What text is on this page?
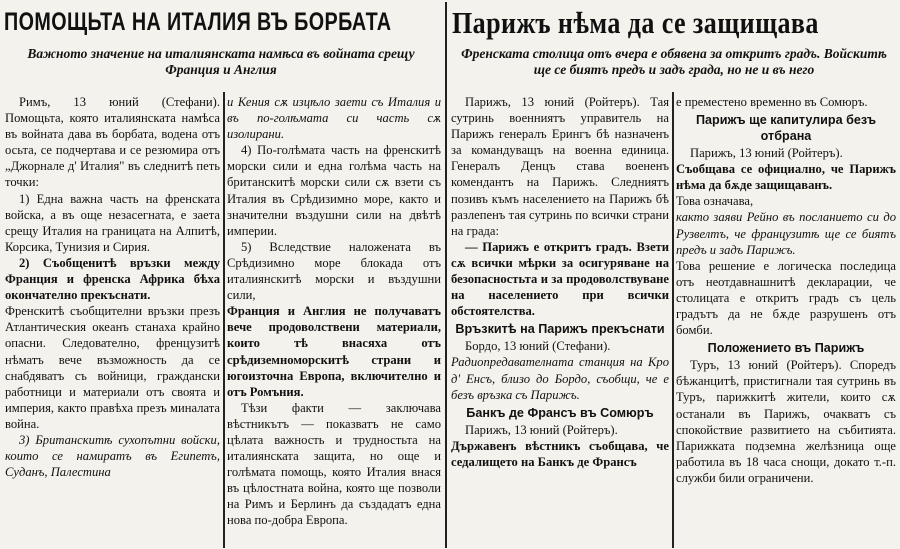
ПОМОЩЬТА НА ИТАЛИЯ ВЪ БОРБАТА
Важното значение на италиянската намѣса въ войната срещу Франция и Англия

Римъ, 13 юний (Стефани). Помощьта, която италиянската намѣса въ войната дава въ борбата, водена отъ осьта, се подчертава и се резюмира отъ „Джорнале д' Италия" въ следнитѣ петь точки:

1) Една важна часть на френската войска, а въ още незасегната, е заета срещу Италия на границата на Алпитѣ, Корсика, Тунизия и Сирия.

2) Съобщенитѣ връзки между Франция и френска Африка бѣха окончателно прекъснати.

Френскитѣ съобщителни връзки презъ Атлантическия океанъ станаха крайно опасни. Следователно, френцузитѣ нѣматъ вече възможность да се снабдяватъ съ войници, граждански работници и материали отъ своята и империя, както правѣха презъ миналата война.

3) Британскитѣ сухопътни войски, които се намиратъ въ Египетъ, Суданъ, Палестина

и Кения сѫ изцѣло заети съ Италия и въ по-голѣмата си часть сѫ изолирани.

4) По-голѣмата часть на френскитѣ морски сили и една голѣма часть на британскитѣ морски сили сѫ взети съ Италия въ Срѣдизимно море, както и значителни въздушни сили на двѣтѣ империи.

5) Вследствие наложената въ Срѣдизимно море блокада отъ италиянскитѣ морски и въздушни сили,

Франция и Англия не получаватъ вече продоволствени материали, които тѣ внасяха отъ срѣдиземноморскитѣ страни и югоизточна Европа, включително и отъ Ромъния.

Тѣзи факти — заключава вѣстникътъ — показватъ не само цѣлата важность и трудностьта на италиянската защита, но още и голѣмата помощь, която Италия внася въ цѣлостната война, която ще позволи на Римъ и Берлинъ да създадатъ една нова по-добра Европа.

Парижъ нѣма да се защищава
Френската столица отъ вчера е обявена за откритъ градъ. Войскитѣ ще се биятъ предъ и задъ града, но не и въ него

Парижъ, 13 юний (Ройтеръ). Тая сутринь военниятъ управитель на Парижъ генералъ Ерингъ бѣ назначенъ за командуващъ на военна единица. Генералъ Денцъ става воененъ комендантъ на Парижъ. Следниятъ позивъ къмъ населението на Парижъ бѣ разлепенъ тая сутринь по всички страни на града:

— Парижъ е откритъ градъ. Взети сѫ всички мѣрки за осигуряване на безопасностьта и за продоволствуване на населението при всички обстоятелства.

Връзкитѣ на Парижъ прекъснати

Бордо, 13 юний (Стефани).

Радиопредавателната станция на Кро д' Енсъ, близо до Бордо, съобщи, че е безъ връзка съ Парижъ.

Банкъ де Франсъ въ Сомюръ

Парижъ, 13 юний (Ройтеръ).

Държавенъ вѣстникъ съобщава, че седалището на Банкъ де Франсъ

е преместено временно въ Сомюръ.

Парижъ ще капитулира безъ отбрана

Парижъ, 13 юний (Ройтеръ).

Съобщава се официално, че Парижъ нѣма да бѫде защищаванъ.

Това означава,

както заяви Рейно въ посланието си до Рузвелтъ, че французитѣ ще се биятъ предъ и задъ Парижъ.

Това решение е логическа последица отъ неотдавнашнитѣ декларации, че столицата е откритъ градъ съ цель градътъ да не бѫде разрушенъ отъ бомби.

Положението въ Парижъ

Туръ, 13 юний (Ройтеръ). Споредъ бѣжанцитѣ, пристигнали тая сутринь въ Туръ, парижкитѣ жители, които сѫ останали въ Парижъ, очакватъ съ спокойствие развитието на събитията. Парижката подземна желѣзница още работила въ 18 часа снощи, докато т.-п. служби били ограничени.
